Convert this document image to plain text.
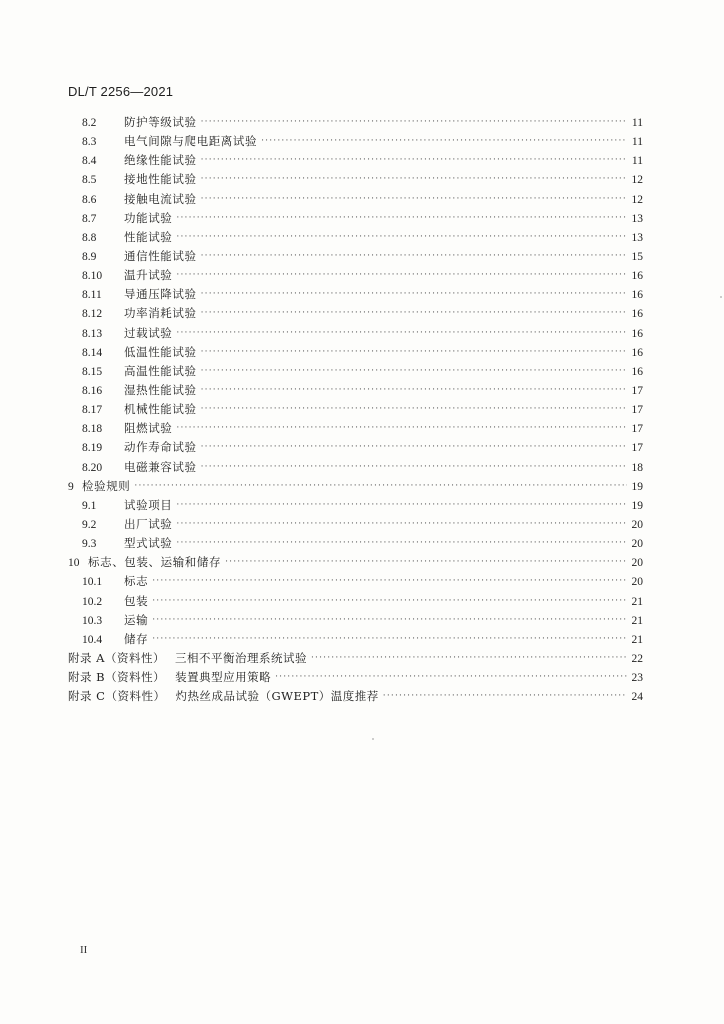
DL/T 2256—2021
8.2	防护等级试验 ·····	11
8.3	电气间隙与爬电距离试验 ·····	11
8.4	绝缘性能试验 ·····	11
8.5	接地性能试验 ·····	12
8.6	接触电流试验 ·····	12
8.7	功能试验 ·····	13
8.8	性能试验 ·····	13
8.9	通信性能试验 ·····	15
8.10	温升试验 ·····	16
8.11	导通压降试验 ·····	16
8.12	功率消耗试验 ·····	16
8.13	过载试验 ·····	16
8.14	低温性能试验 ·····	16
8.15	高温性能试验 ·····	16
8.16	湿热性能试验 ·····	17
8.17	机械性能试验 ·····	17
8.18	阻燃试验 ·····	17
8.19	动作寿命试验 ·····	17
8.20	电磁兼容试验 ·····	18
9 检验规则 ·····	19
9.1	试验项目 ·····	19
9.2	出厂试验 ·····	20
9.3	型式试验 ·····	20
10 标志、包装、运输和储存 ·····	20
10.1	标志 ·····	20
10.2	包装 ·····	21
10.3	运输 ·····	21
10.4	储存 ·····	21
附录 A（资料性） 三相不平衡治理系统试验 ·····	22
附录 B（资料性） 装置典型应用策略 ·····	23
附录 C（资料性） 灼热丝成品试验（GWEPT）温度推荐 ·····	24
II
